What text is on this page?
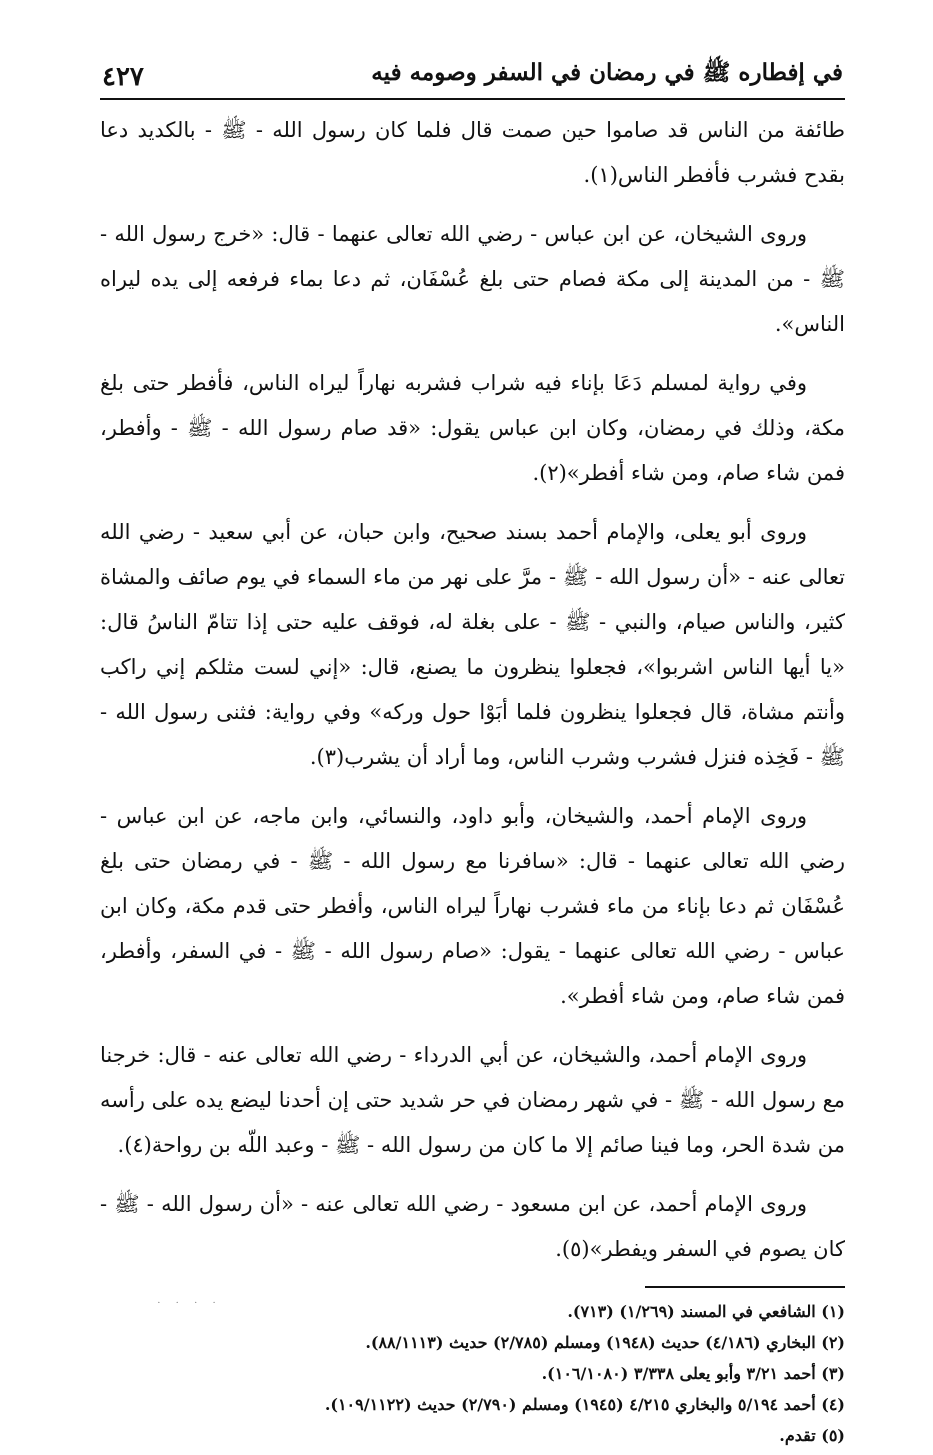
في إفطاره ﷺ في رمضان في السفر وصومه فيه
٤٢٧

طائفة من الناس قد صاموا حين صمت قال فلما كان رسول الله - ﷺ - بالكديد دعا بقدح فشرب فأفطر الناس(١).

وروى الشيخان، عن ابن عباس - رضي الله تعالى عنهما - قال: «خرج رسول الله - ﷺ - من المدينة إلى مكة فصام حتى بلغ عُسْفَان، ثم دعا بماء فرفعه إلى يده ليراه الناس».

وفي رواية لمسلم دَعَا بإناء فيه شراب فشربه نهاراً ليراه الناس، فأفطر حتى بلغ مكة، وذلك في رمضان، وكان ابن عباس يقول: «قد صام رسول الله - ﷺ - وأفطر، فمن شاء صام، ومن شاء أفطر»(٢).

وروى أبو يعلى، والإمام أحمد بسند صحيح، وابن حبان، عن أبي سعيد - رضي الله تعالى عنه - «أن رسول الله - ﷺ - مرَّ على نهر من ماء السماء في يوم صائف والمشاة كثير، والناس صيام، والنبي - ﷺ - على بغلة له، فوقف عليه حتى إذا تتامّ الناسُ قال: «يا أيها الناس اشربوا»، فجعلوا ينظرون ما يصنع، قال: «إني لست مثلكم إني راكب وأنتم مشاة، قال فجعلوا ينظرون فلما أبَوْا حول وركه» وفي رواية: فثنى رسول الله - ﷺ - فَخِذه فنزل فشرب وشرب الناس، وما أراد أن يشرب(٣).

وروى الإمام أحمد، والشيخان، وأبو داود، والنسائي، وابن ماجه، عن ابن عباس - رضي الله تعالى عنهما - قال: «سافرنا مع رسول الله - ﷺ - في رمضان حتى بلغ عُسْفَان ثم دعا بإناء من ماء فشرب نهاراً ليراه الناس، وأفطر حتى قدم مكة، وكان ابن عباس - رضي الله تعالى عنهما - يقول: «صام رسول الله - ﷺ - في السفر، وأفطر، فمن شاء صام، ومن شاء أفطر».

وروى الإمام أحمد، والشيخان، عن أبي الدرداء - رضي الله تعالى عنه - قال: خرجنا مع رسول الله - ﷺ - في شهر رمضان في حر شديد حتى إن أحدنا ليضع يده على رأسه من شدة الحر، وما فينا صائم إلا ما كان من رسول الله - ﷺ - وعبد اللّه بن رواحة(٤).

وروى الإمام أحمد، عن ابن مسعود - رضي الله تعالى عنه - «أن رسول الله - ﷺ - كان يصوم في السفر ويفطر»(٥).

(١) الشافعي في المسند (١/٢٦٩) (٧١٣).

(٢) البخاري (٤/١٨٦) حديث (١٩٤٨) ومسلم (٢/٧٨٥) حديث (٨٨/١١١٣).

(٣) أحمد ٣/٢١ وأبو يعلى ٣/٣٣٨ (١٠٦/١٠٨٠).

(٤) أحمد ٥/١٩٤ والبخاري ٤/٢١٥ (١٩٤٥) ومسلم (٢/٧٩٠) حديث (١٠٩/١١٢٢).

(٥) تقدم.

· · · ·
